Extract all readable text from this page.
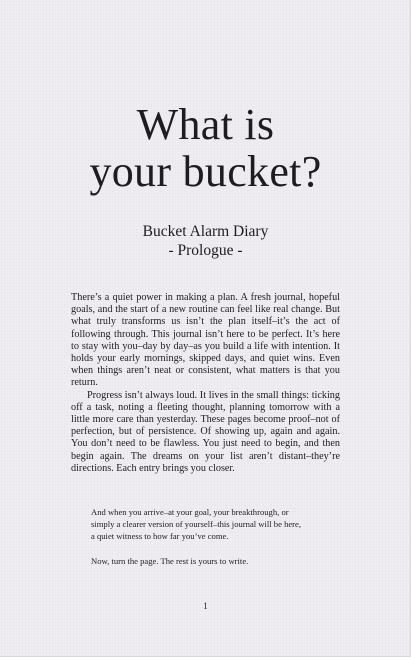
What is
your bucket?
Bucket Alarm Diary
- Prologue -

There’s a quiet power in making a plan. A fresh journal, hopeful goals, and the start of a new routine can feel like real change. But what truly transforms us isn’t the plan itself–it’s the act of following through. This journal isn’t here to be perfect. It’s here to stay with you–day by day–as you build a life with intention. It holds your early mornings, skipped days, and quiet wins. Even when things aren’t neat or consistent, what matters is that you return.

Progress isn’t always loud. It lives in the small things: ticking off a task, noting a fleeting thought, planning tomorrow with a little more care than yesterday. These pages become proof–not of perfection, but of persistence. Of showing up, again and again. You don’t need to be flawless. You just need to begin, and then begin again. The dreams on your list aren’t distant–they’re directions. Each entry brings you closer.

And when you arrive–at your goal, your breakthrough, or
simply a clearer version of yourself–this journal will be here,
a quiet witness to how far you’ve come.

Now, turn the page. The rest is yours to write.

1
